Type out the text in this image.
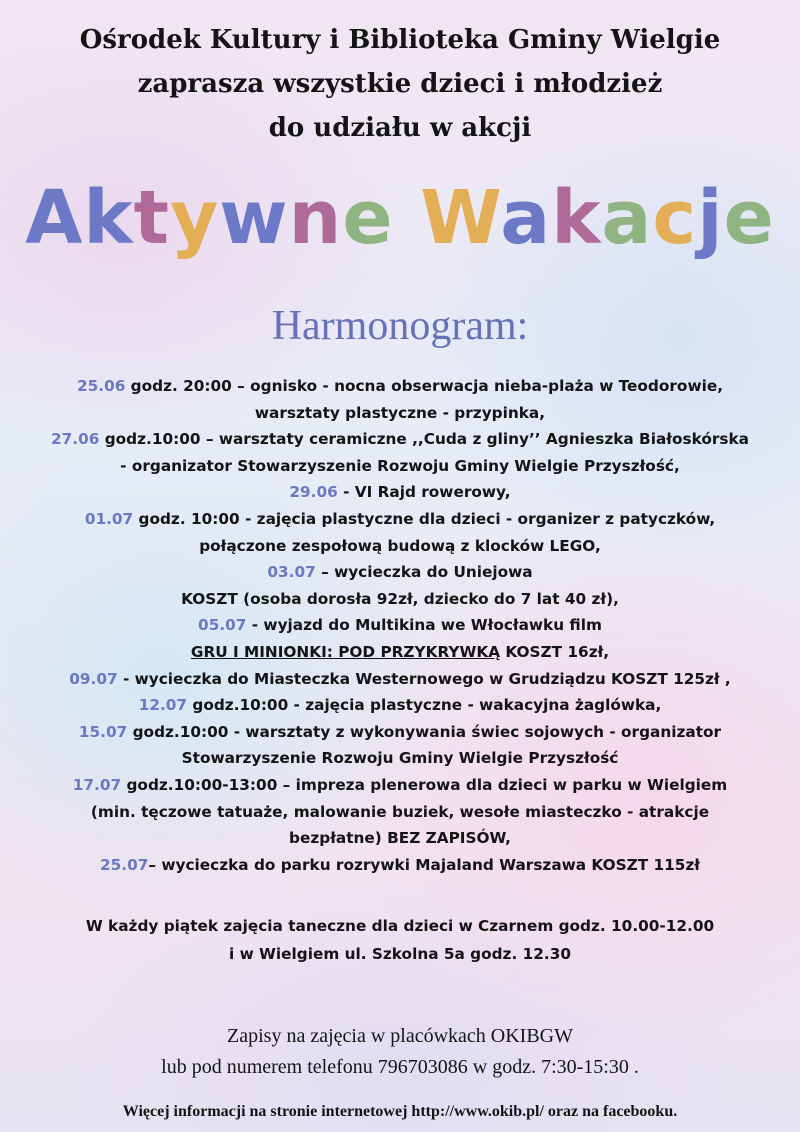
Ośrodek Kultury i Biblioteka Gminy Wielgie
zaprasza wszystkie dzieci i młodzież
do udziału w akcji
Aktywne Wakacje
Harmonogram:
25.06 godz. 20:00 – ognisko - nocna obserwacja nieba-plaża w Teodorowie,
warsztaty plastyczne - przypinka,
27.06 godz.10:00 – warsztaty ceramiczne ,,Cuda z gliny’’ Agnieszka Białoskórska
- organizator Stowarzyszenie Rozwoju Gminy Wielgie Przyszłość,
29.06 - VI Rajd rowerowy,
01.07 godz. 10:00 - zajęcia plastyczne dla dzieci - organizer z patyczków,
połączone zespołową budową z klocków LEGO,
03.07 – wycieczka do Uniejowa
KOSZT (osoba dorosła 92zł, dziecko do 7 lat 40 zł),
05.07 - wyjazd do Multikina we Włocławku film
GRU I MINIONKI: POD PRZYKRYWKĄ KOSZT 16zł,
09.07 - wycieczka do Miasteczka Westernowego w Grudziądzu KOSZT 125zł ,
12.07 godz.10:00 - zajęcia plastyczne - wakacyjna żaglówka,
15.07 godz.10:00 - warsztaty z wykonywania świec sojowych - organizator
Stowarzyszenie Rozwoju Gminy Wielgie Przyszłość
17.07 godz.10:00-13:00 – impreza plenerowa dla dzieci w parku w Wielgiem
(min. tęczowe tatuaże, malowanie buziek, wesołe miasteczko - atrakcje
bezpłatne) BEZ ZAPISÓW,
25.07– wycieczka do parku rozrywki Majaland Warszawa KOSZT 115zł
W każdy piątek zajęcia taneczne dla dzieci w Czarnem godz. 10.00-12.00
i w Wielgiem ul. Szkolna 5a godz. 12.30
Zapisy na zajęcia w placówkach OKIBGW
lub pod numerem telefonu 796703086 w godz. 7:30-15:30 .
Więcej informacji na stronie internetowej http://www.okib.pl/ oraz na facebooku.
